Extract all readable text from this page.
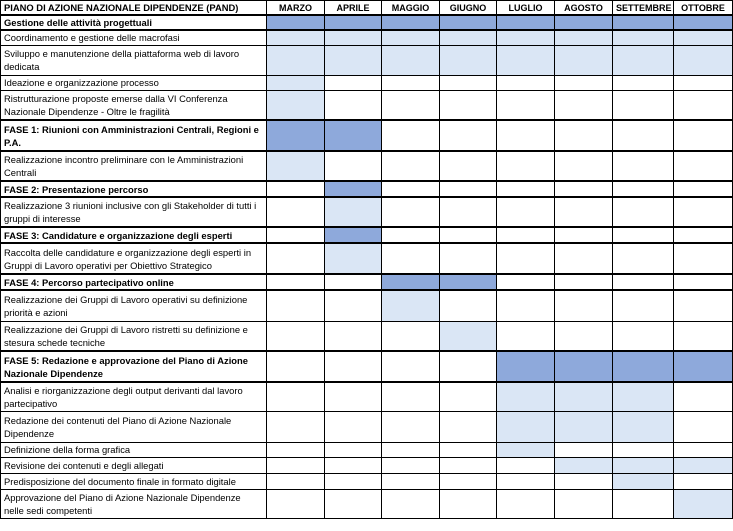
PIANO DI AZIONE NAZIONALE DIPENDENZE (PAND)	MARZO	APRILE	MAGGIO	GIUGNO	LUGLIO	AGOSTO	SETTEMBRE	OTTOBRE
Gestione delle attività progettuali								
Coordinamento e gestione delle macrofasi								
Sviluppo e manutenzione della piattaforma web di lavoro dedicata								
Ideazione e organizzazione processo								
Ristrutturazione proposte emerse dalla VI Conferenza Nazionale Dipendenze - Oltre le fragilità								
FASE 1: Riunioni con Amministrazioni Centrali, Regioni e P.A.								
Realizzazione incontro preliminare con le Amministrazioni Centrali								
FASE 2: Presentazione percorso								
Realizzazione 3 riunioni inclusive con gli Stakeholder di tutti i gruppi di interesse								
FASE 3: Candidature e organizzazione degli esperti								
Raccolta delle candidature e organizzazione degli esperti in Gruppi di Lavoro operativi per Obiettivo Strategico								
FASE 4: Percorso partecipativo online								
Realizzazione dei Gruppi di Lavoro operativi su definizione priorità e azioni								
Realizzazione dei Gruppi di Lavoro ristretti su definizione e stesura schede tecniche								
FASE 5: Redazione e approvazione del Piano di Azione Nazionale Dipendenze								
Analisi e riorganizzazione degli output derivanti dal lavoro partecipativo								
Redazione dei contenuti del Piano di Azione Nazionale Dipendenze								
Definizione della forma grafica								
Revisione dei contenuti e degli allegati								
Predisposizione del documento finale in formato digitale								
Approvazione del Piano di Azione Nazionale Dipendenze nelle sedi competenti								
